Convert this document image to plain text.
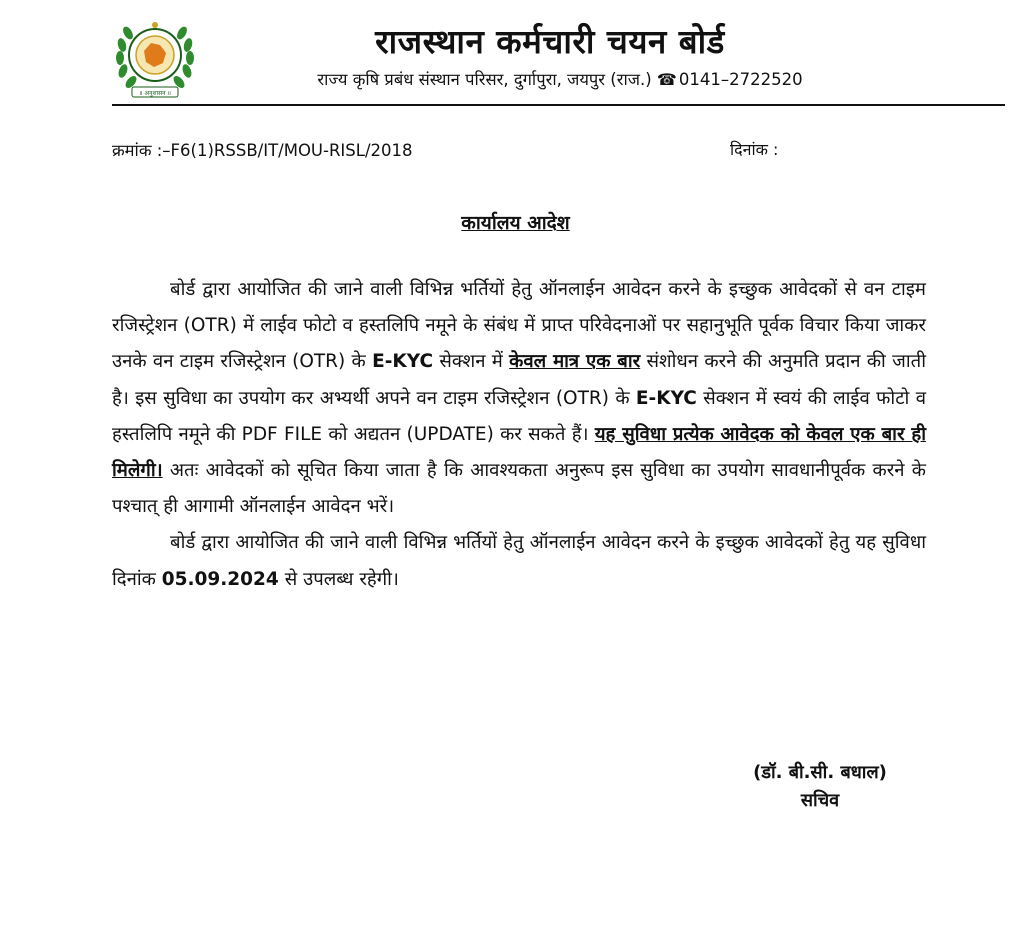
॥ अनुशासन ॥
राजस्थान कर्मचारी चयन बोर्ड
राज्य कृषि प्रबंध संस्थान परिसर, दुर्गापुरा, जयपुर (राज.) ☎ 0141–2722520
क्रमांक :–F6(1)RSSB/IT/MOU-RISL/2018	दिनांक :
कार्यालय आदेश

बोर्ड द्वारा आयोजित की जाने वाली विभिन्न भर्तियों हेतु ऑनलाईन आवेदन करने के इच्छुक आवेदकों से वन टाइम रजिस्ट्रेशन (OTR) में लाईव फोटो व हस्तलिपि नमूने के संबंध में प्राप्त परिवेदनाओं पर सहानुभूति पूर्वक विचार किया जाकर उनके वन टाइम रजिस्ट्रेशन (OTR) के E-KYC सेक्शन में केवल मात्र एक बार संशोधन करने की अनुमति प्रदान की जाती है। इस सुविधा का उपयोग कर अभ्यर्थी अपने वन टाइम रजिस्ट्रेशन (OTR) के E-KYC सेक्शन में स्वयं की लाईव फोटो व हस्तलिपि नमूने की PDF FILE को अद्यतन (UPDATE) कर सकते हैं। यह सुविधा प्रत्येक आवेदक को केवल एक बार ही मिलेगी। अतः आवेदकों को सूचित किया जाता है कि आवश्यकता अनुरूप इस सुविधा का उपयोग सावधानीपूर्वक करने के पश्चात् ही आगामी ऑनलाईन आवेदन भरें।

बोर्ड द्वारा आयोजित की जाने वाली विभिन्न भर्तियों हेतु ऑनलाईन आवेदन करने के इच्छुक आवेदकों हेतु यह सुविधा दिनांक 05.09.2024 से उपलब्ध रहेगी।

(डॉ. बी.सी. बधाल)
सचिव
